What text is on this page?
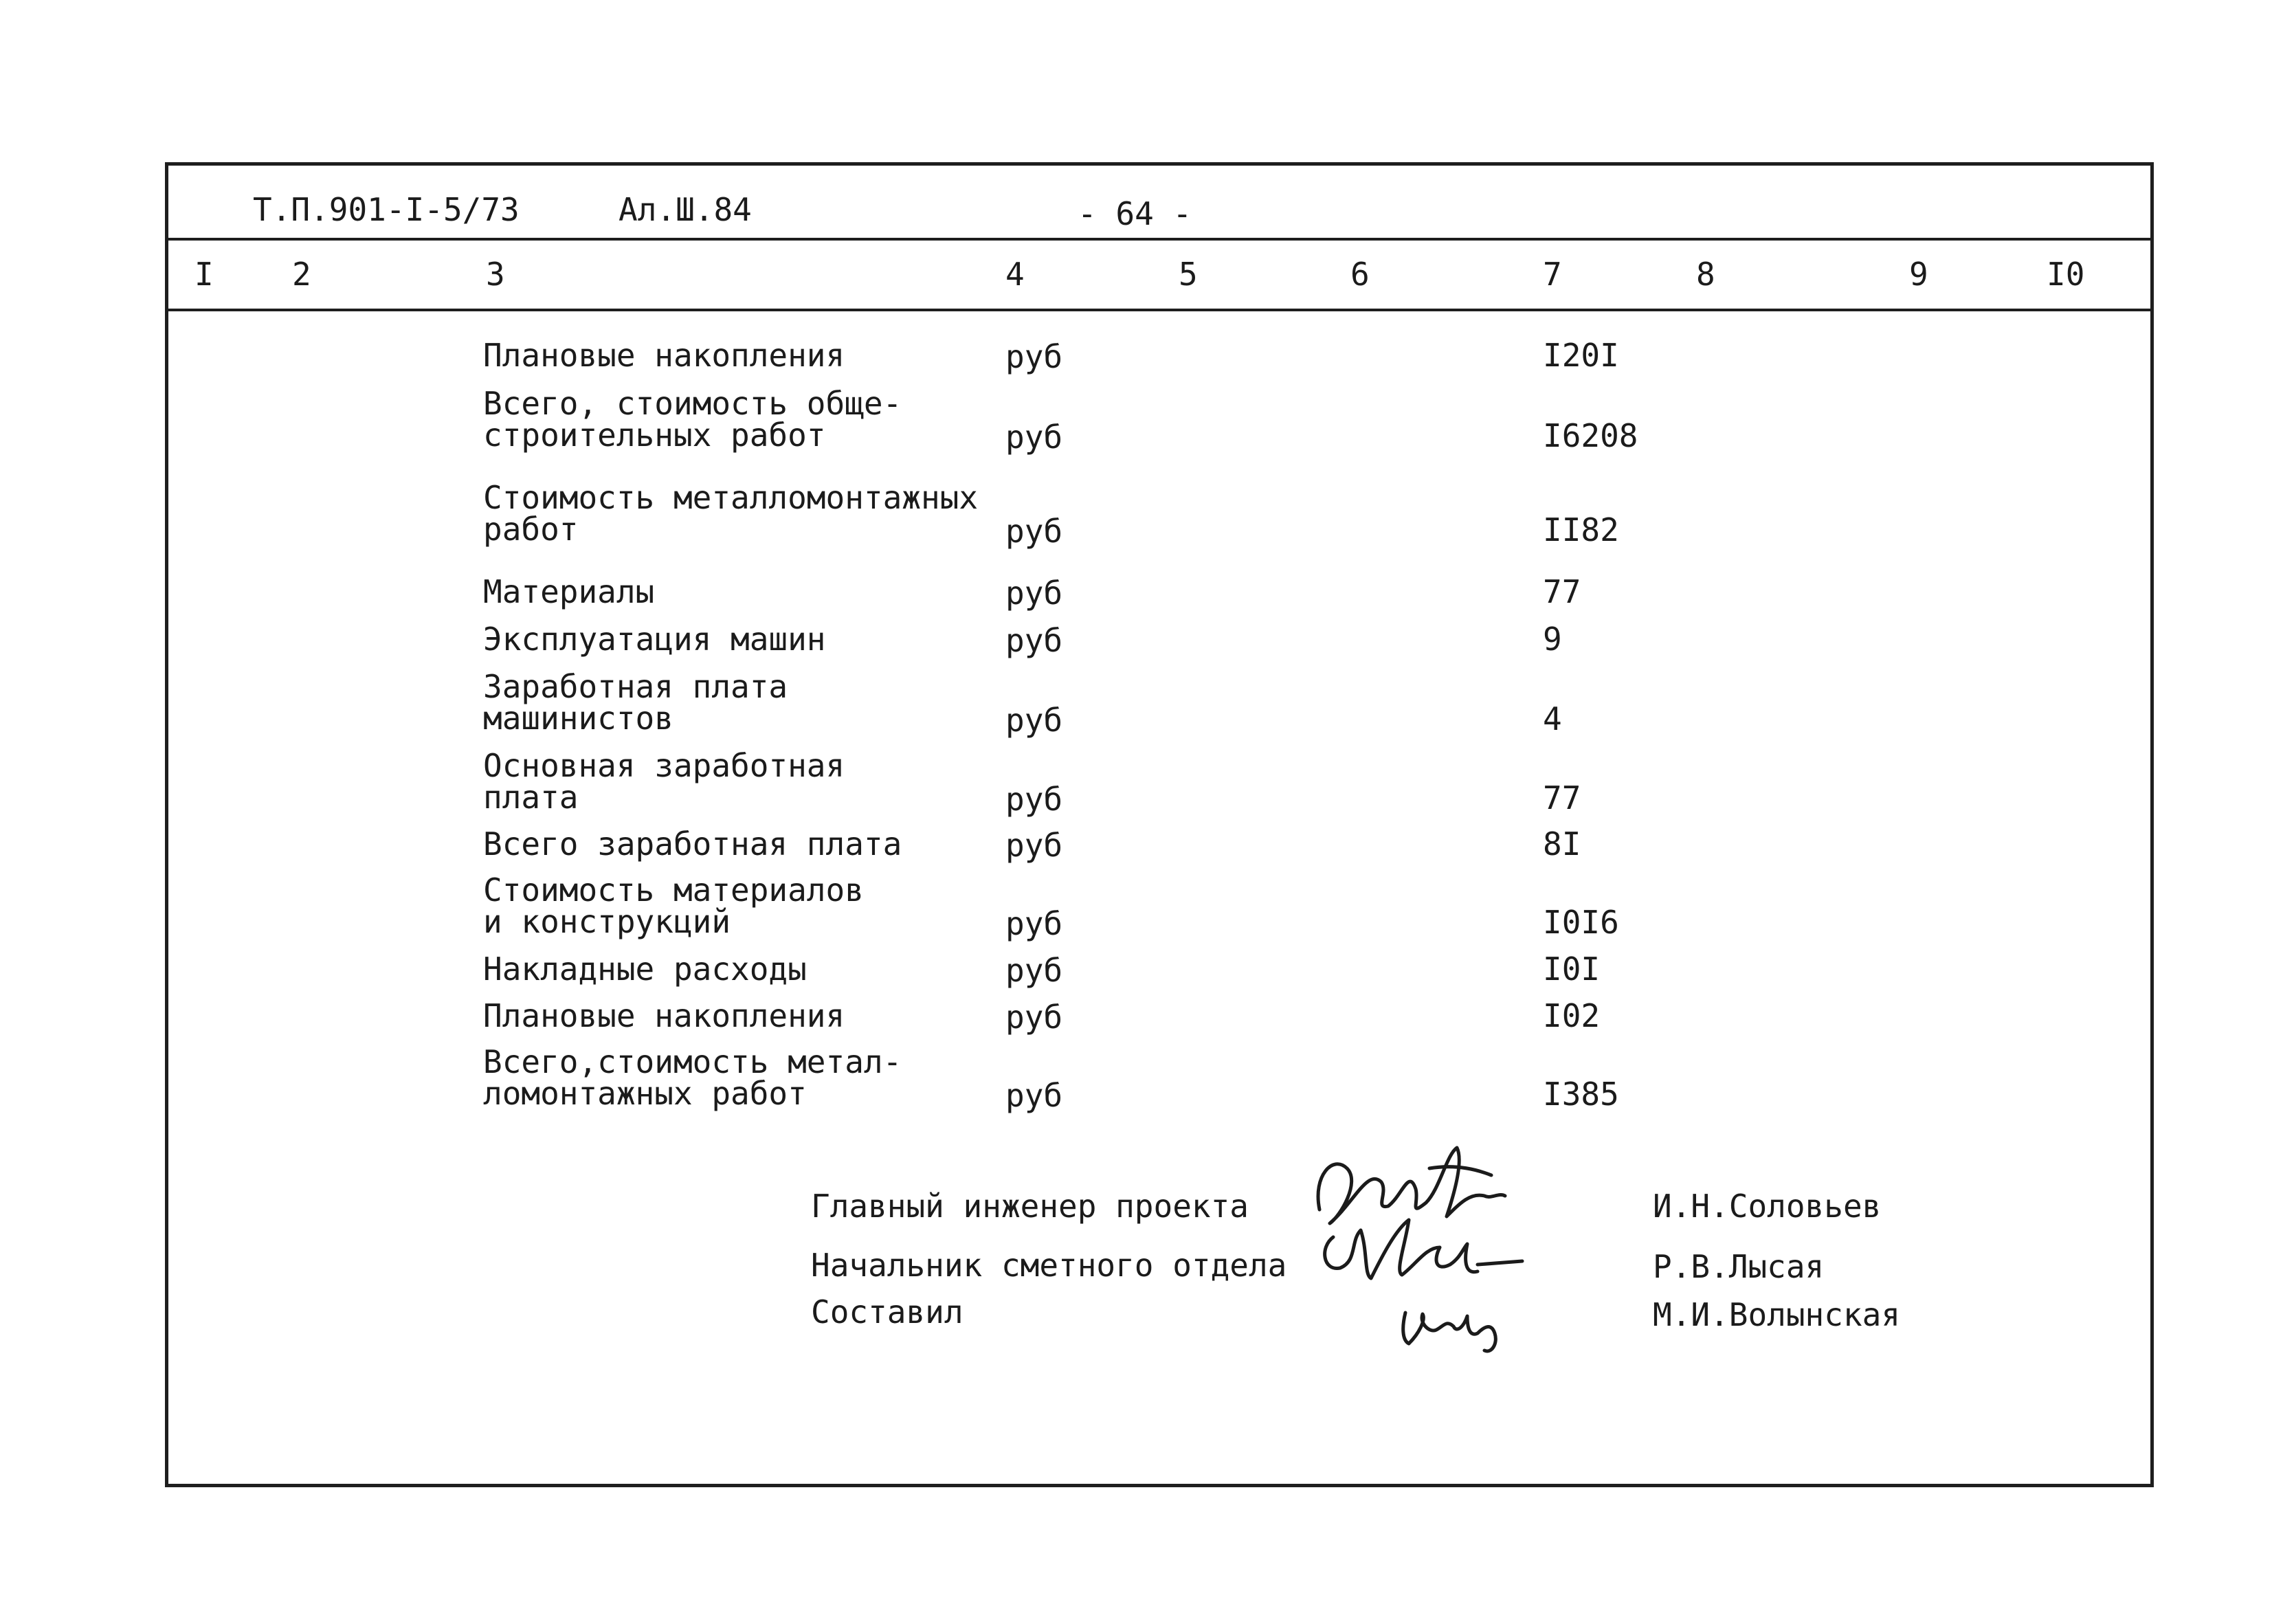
Т.П.901-I-5/73	Ал.Ш.84	- 64 -
I 2	3	4	5	6	7	8	9	I0
Плановые накопления	руб	I20I
Всего, стоимость обще-
строительных работ	руб	I6208
Стоимость металломонтажных
работ	руб	II82
Материалы	руб	77
Эксплуатация машин	руб	9
Заработная плата
машинистов	руб	4
Основная заработная
плата	руб	77
Всего заработная плата	руб	8I
Стоимость материалов
и конструкций	руб	I0I6
Накладные расходы	руб	I0I
Плановые накопления	руб	I02
Всего,стоимость метал-
ломонтажных работ	руб	I385
Главный инженер проекта	И.Н.Соловьев
Начальник сметного отдела	Р.В.Лысая
Составил	М.И.Волынская
